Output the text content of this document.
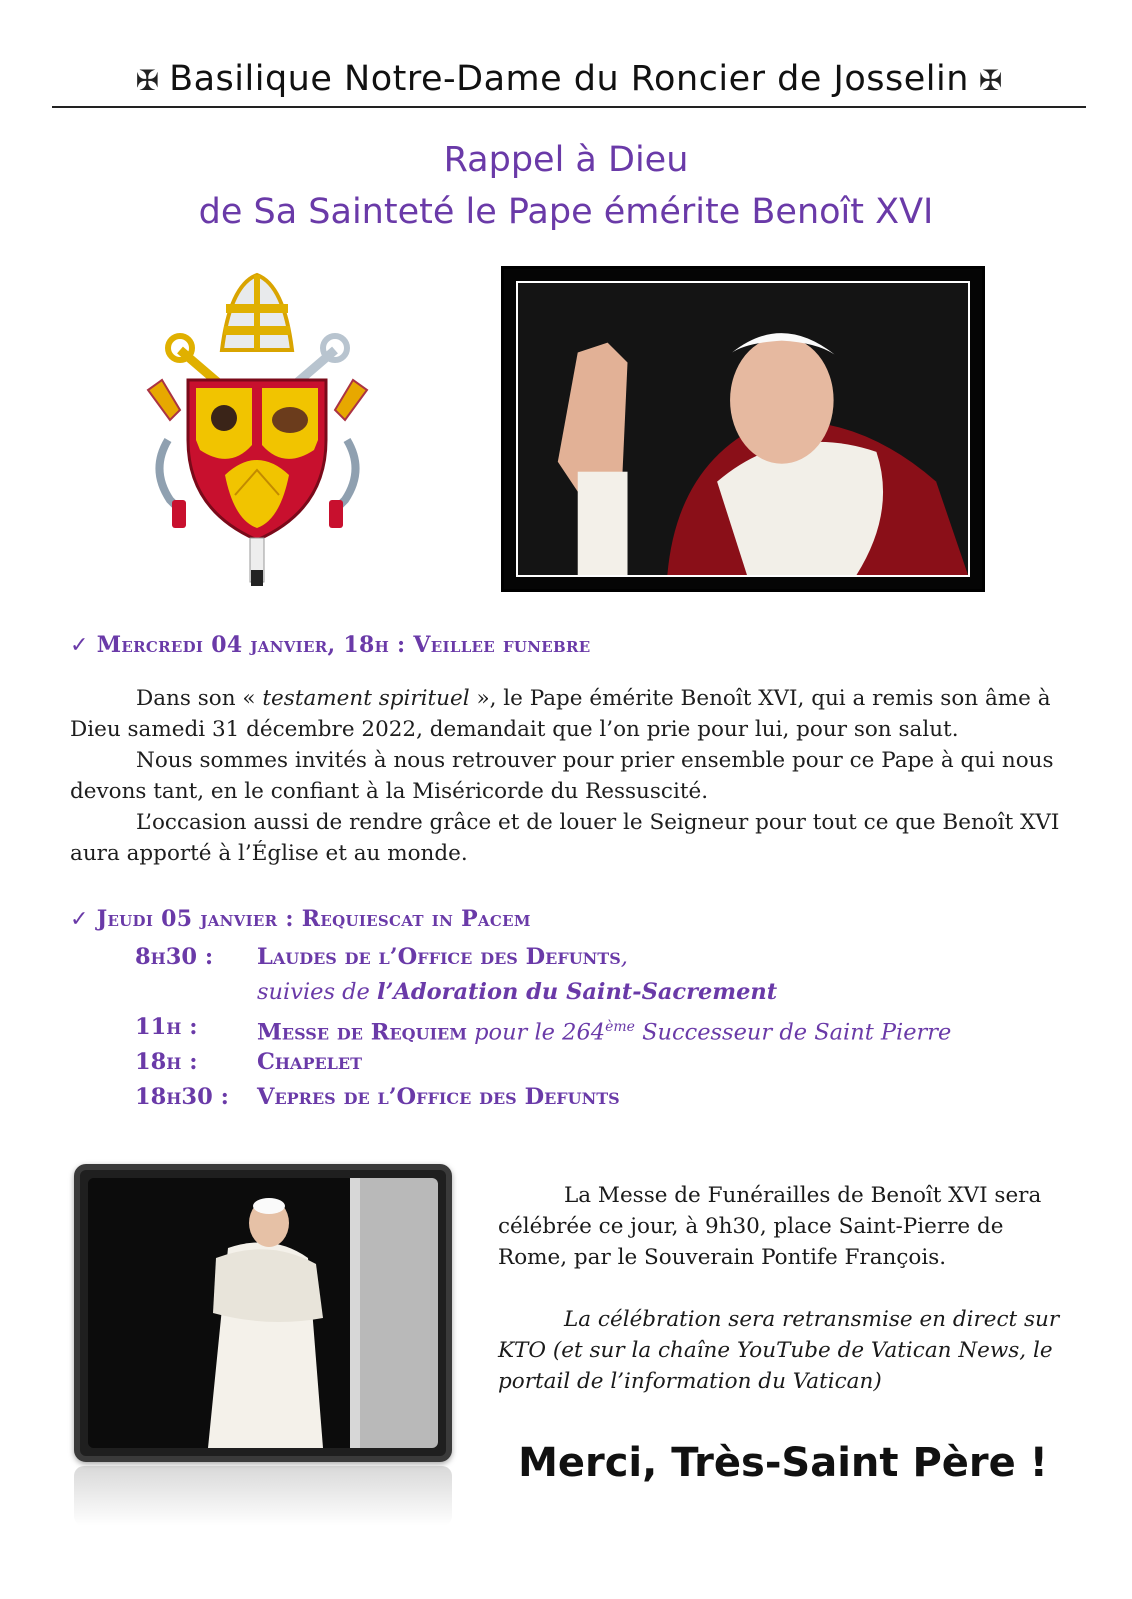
✠ Basilique Notre-Dame du Roncier de Josselin ✠
Rappel à Dieu
de Sa Sainteté le Pape émérite Benoît XVI
✓ Mercredi 04 janvier, 18h : Veillee funebre

Dans son « testament spirituel », le Pape émérite Benoît XVI, qui a remis son âme à Dieu samedi 31 décembre 2022, demandait que l’on prie pour lui, pour son salut.

Nous sommes invités à nous retrouver pour prier ensemble pour ce Pape à qui nous devons tant, en le confiant à la Miséricorde du Ressuscité.

L’occasion aussi de rendre grâce et de louer le Seigneur pour tout ce que Benoît XVI aura apporté à l’Église et au monde.

✓ Jeudi 05 janvier : Requiescat in Pacem
8h30 :	Laudes de l’Office des Defunts,
suivies de l’Adoration du Saint-Sacrement
11h :	Messe de Requiem pour le 264ème Successeur de Saint Pierre
18h :	Chapelet
18h30 :	Vepres de l’Office des Defunts

La Messe de Funérailles de Benoît XVI sera célébrée ce jour, à 9h30, place Saint-Pierre de Rome, par le Souverain Pontife François.

La célébration sera retransmise en direct sur KTO (et sur la chaîne YouTube de Vatican News, le portail de l’information du Vatican)

Merci, Très-Saint Père !
